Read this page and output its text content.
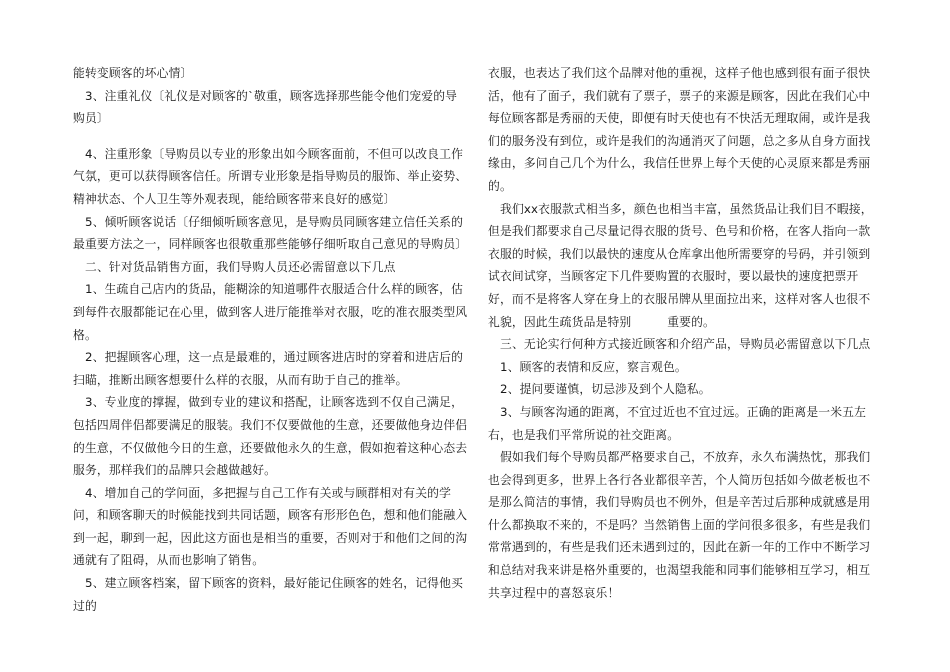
能转变顾客的坏心情〕

3、注重礼仪〔礼仪是对顾客的`敬重，顾客选择那些能令他们宠爱的导购员〕

4、注重形象〔导购员以专业的形象出如今顾客面前，不但可以改良工作气氛，更可以获得顾客信任。所谓专业形象是指导购员的服饰、举止姿势、精神状态、个人卫生等外观表现，能给顾客带来良好的感觉〕

5、倾听顾客说话〔仔细倾听顾客意见，是导购员同顾客建立信任关系的最重要方法之一，同样顾客也很敬重那些能够仔细听取自己意见的导购员〕

二、针对货品销售方面，我们导购人员还必需留意以下几点

1、生疏自己店内的货品，能糊涂的知道哪件衣服适合什么样的顾客，估到每件衣服都能记在心里，做到客人进厅能推举对衣服，吃的准衣服类型风格。

2、把握顾客心理，这一点是最难的，通过顾客进店时的穿着和进店后的扫瞄，推断出顾客想要什么样的衣服，从而有助于自己的推举。

3、专业度的撑握，做到专业的建议和搭配，让顾客选到不仅自己满足，包括四周伴侣都要满足的服装。我们不仅要做他的生意，还要做他身边伴侣的生意，不仅做他今日的生意，还要做他永久的生意，假如抱着这种心态去服务，那样我们的品牌只会越做越好。

4、增加自己的学问面，多把握与自己工作有关或与顾群相对有关的学问，和顾客聊天的时候能找到共同话题，顾客有形形色色，想和他们能融入到一起，聊到一起，因此这方面也是相当的重要，否则对于和他们之间的沟通就有了阻碍，从而也影响了销售。

5、建立顾客档案，留下顾客的资料，最好能记住顾客的姓名，记得他买过的

衣服，也表达了我们这个品牌对他的重视，这样子他也感到很有面子很快活，他有了面子，我们就有了票子，票子的来源是顾客，因此在我们心中每位顾客都是秀丽的天使，即便有时天使也有不快活无理取闹，或许是我们的服务没有到位，或许是我们的沟通消灭了问题，总之多从自身方面找缘由，多问自己几个为什么，我信任世界上每个天使的心灵原来都是秀丽的。

我们xx衣服款式相当多，颜色也相当丰富，虽然货品让我们目不暇接，但是我们都要求自己尽量记得衣服的货号、色号和价格，在客人指向一款衣服的时候，我们以最快的速度从仓库拿出他所需要穿的号码，并引领到试衣间试穿，当顾客定下几件要购置的衣服时，要以最快的速度把票开好，而不是将客人穿在身上的衣服吊牌从里面拉出来，这样对客人也很不礼貌，因此生疏货品是特别　　　重要的。

三、无论实行何种方式接近顾客和介绍产品，导购员必需留意以下几点

1、顾客的表情和反应，察言观色。

2、提问要谨慎，切忌涉及到个人隐私。

3、与顾客沟通的距离，不宜过近也不宜过远。正确的距离是一米五左右，也是我们平常所说的社交距离。

假如我们每个导购员都严格要求自己，不放弃，永久布满热忱，那我们也会得到更多，世界上各行各业都很辛苦，个人简历包括如今做老板也不是那么简洁的事情，我们导购员也不例外，但是辛苦过后那种成就感是用什么都换取不来的，不是吗？当然销售上面的学问很多很多，有些是我们常常遇到的，有些是我们还未遇到过的，因此在新一年的工作中不断学习和总结对我来讲是格外重要的，也渴望我能和同事们能够相互学习，相互共享过程中的喜怒哀乐！
